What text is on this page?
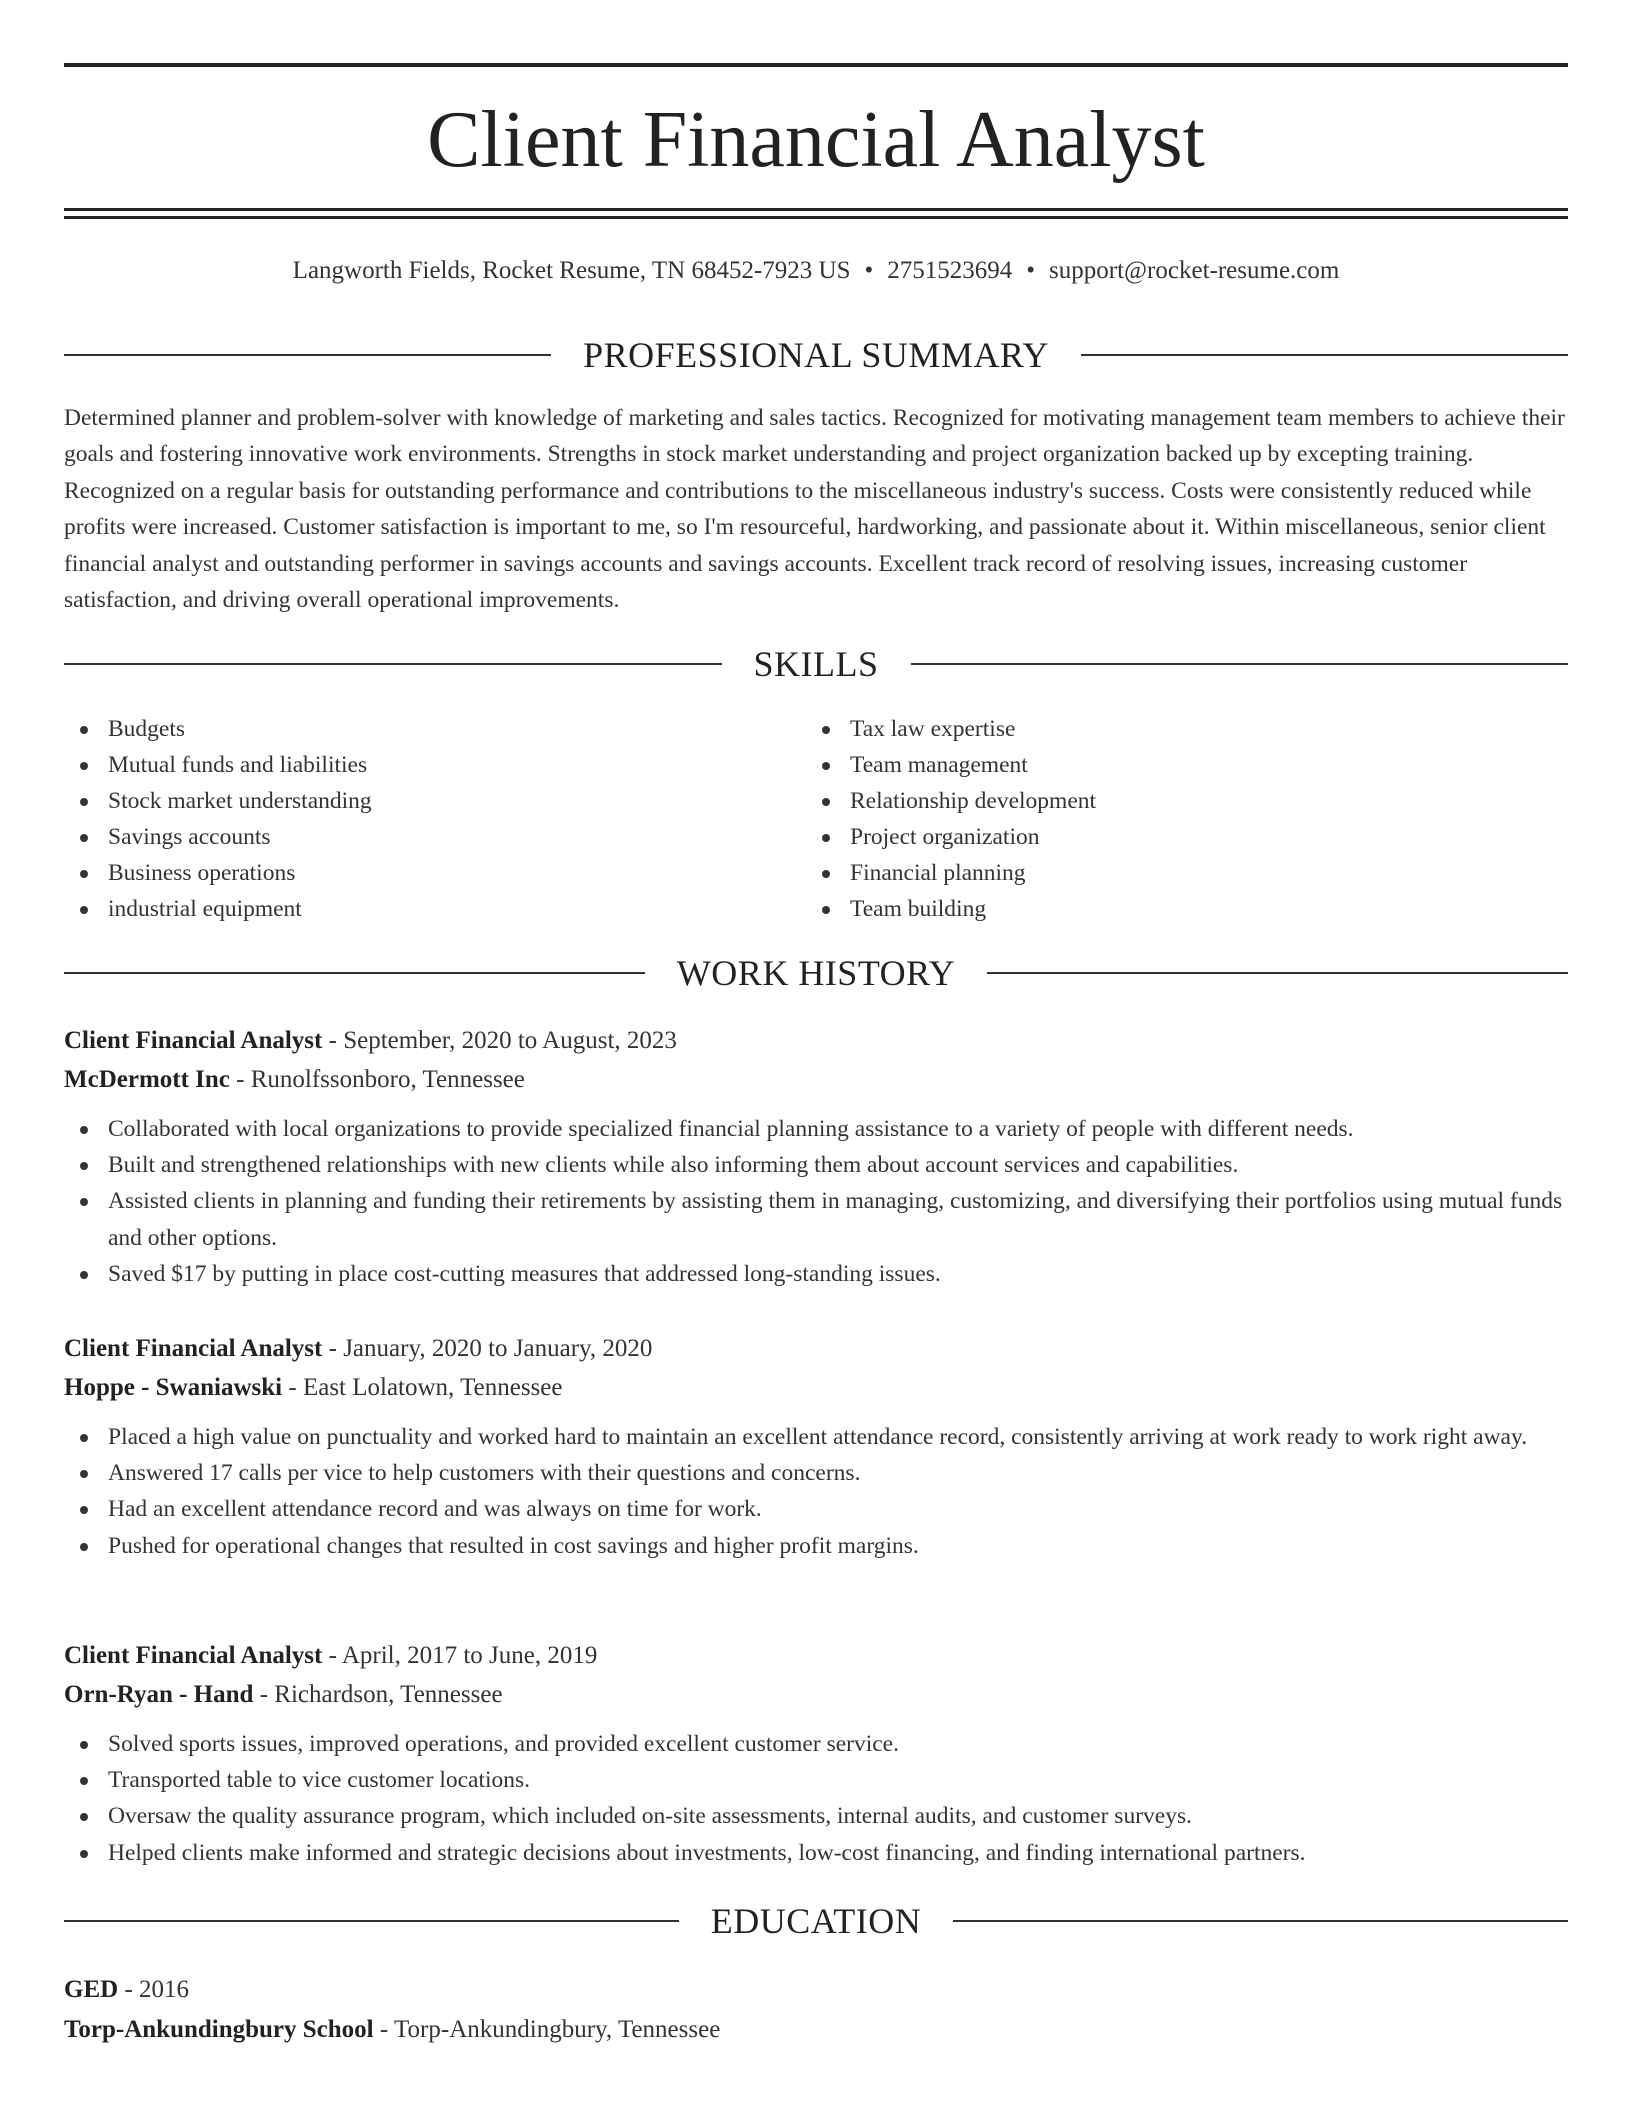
Client Financial Analyst
Langworth Fields, Rocket Resume, TN 68452-7923 US • 2751523694 • support@rocket-resume.com
PROFESSIONAL SUMMARY

Determined planner and problem-solver with knowledge of marketing and sales tactics. Recognized for motivating management team members to achieve their goals and fostering innovative work environments. Strengths in stock market understanding and project organization backed up by excepting training. Recognized on a regular basis for outstanding performance and contributions to the miscellaneous industry's success. Costs were consistently reduced while profits were increased. Customer satisfaction is important to me, so I'm resourceful, hardworking, and passionate about it. Within miscellaneous, senior client financial analyst and outstanding performer in savings accounts and savings accounts. Excellent track record of resolving issues, increasing customer satisfaction, and driving overall operational improvements.

SKILLS
Budgets
Mutual funds and liabilities
Stock market understanding
Savings accounts
Business operations
industrial equipment
Tax law expertise
Team management
Relationship development
Project organization
Financial planning
Team building
WORK HISTORY
Client Financial Analyst - September, 2020 to August, 2023
McDermott Inc - Runolfssonboro, Tennessee
Collaborated with local organizations to provide specialized financial planning assistance to a variety of people with different needs.
Built and strengthened relationships with new clients while also informing them about account services and capabilities.
Assisted clients in planning and funding their retirements by assisting them in managing, customizing, and diversifying their portfolios using mutual funds and other options.
Saved $17 by putting in place cost-cutting measures that addressed long-standing issues.
Client Financial Analyst - January, 2020 to January, 2020
Hoppe - Swaniawski - East Lolatown, Tennessee
Placed a high value on punctuality and worked hard to maintain an excellent attendance record, consistently arriving at work ready to work right away.
Answered 17 calls per vice to help customers with their questions and concerns.
Had an excellent attendance record and was always on time for work.
Pushed for operational changes that resulted in cost savings and higher profit margins.
Client Financial Analyst - April, 2017 to June, 2019
Orn-Ryan - Hand - Richardson, Tennessee
Solved sports issues, improved operations, and provided excellent customer service.
Transported table to vice customer locations.
Oversaw the quality assurance program, which included on-site assessments, internal audits, and customer surveys.
Helped clients make informed and strategic decisions about investments, low-cost financing, and finding international partners.
EDUCATION
GED - 2016
Torp-Ankundingbury School - Torp-Ankundingbury, Tennessee
